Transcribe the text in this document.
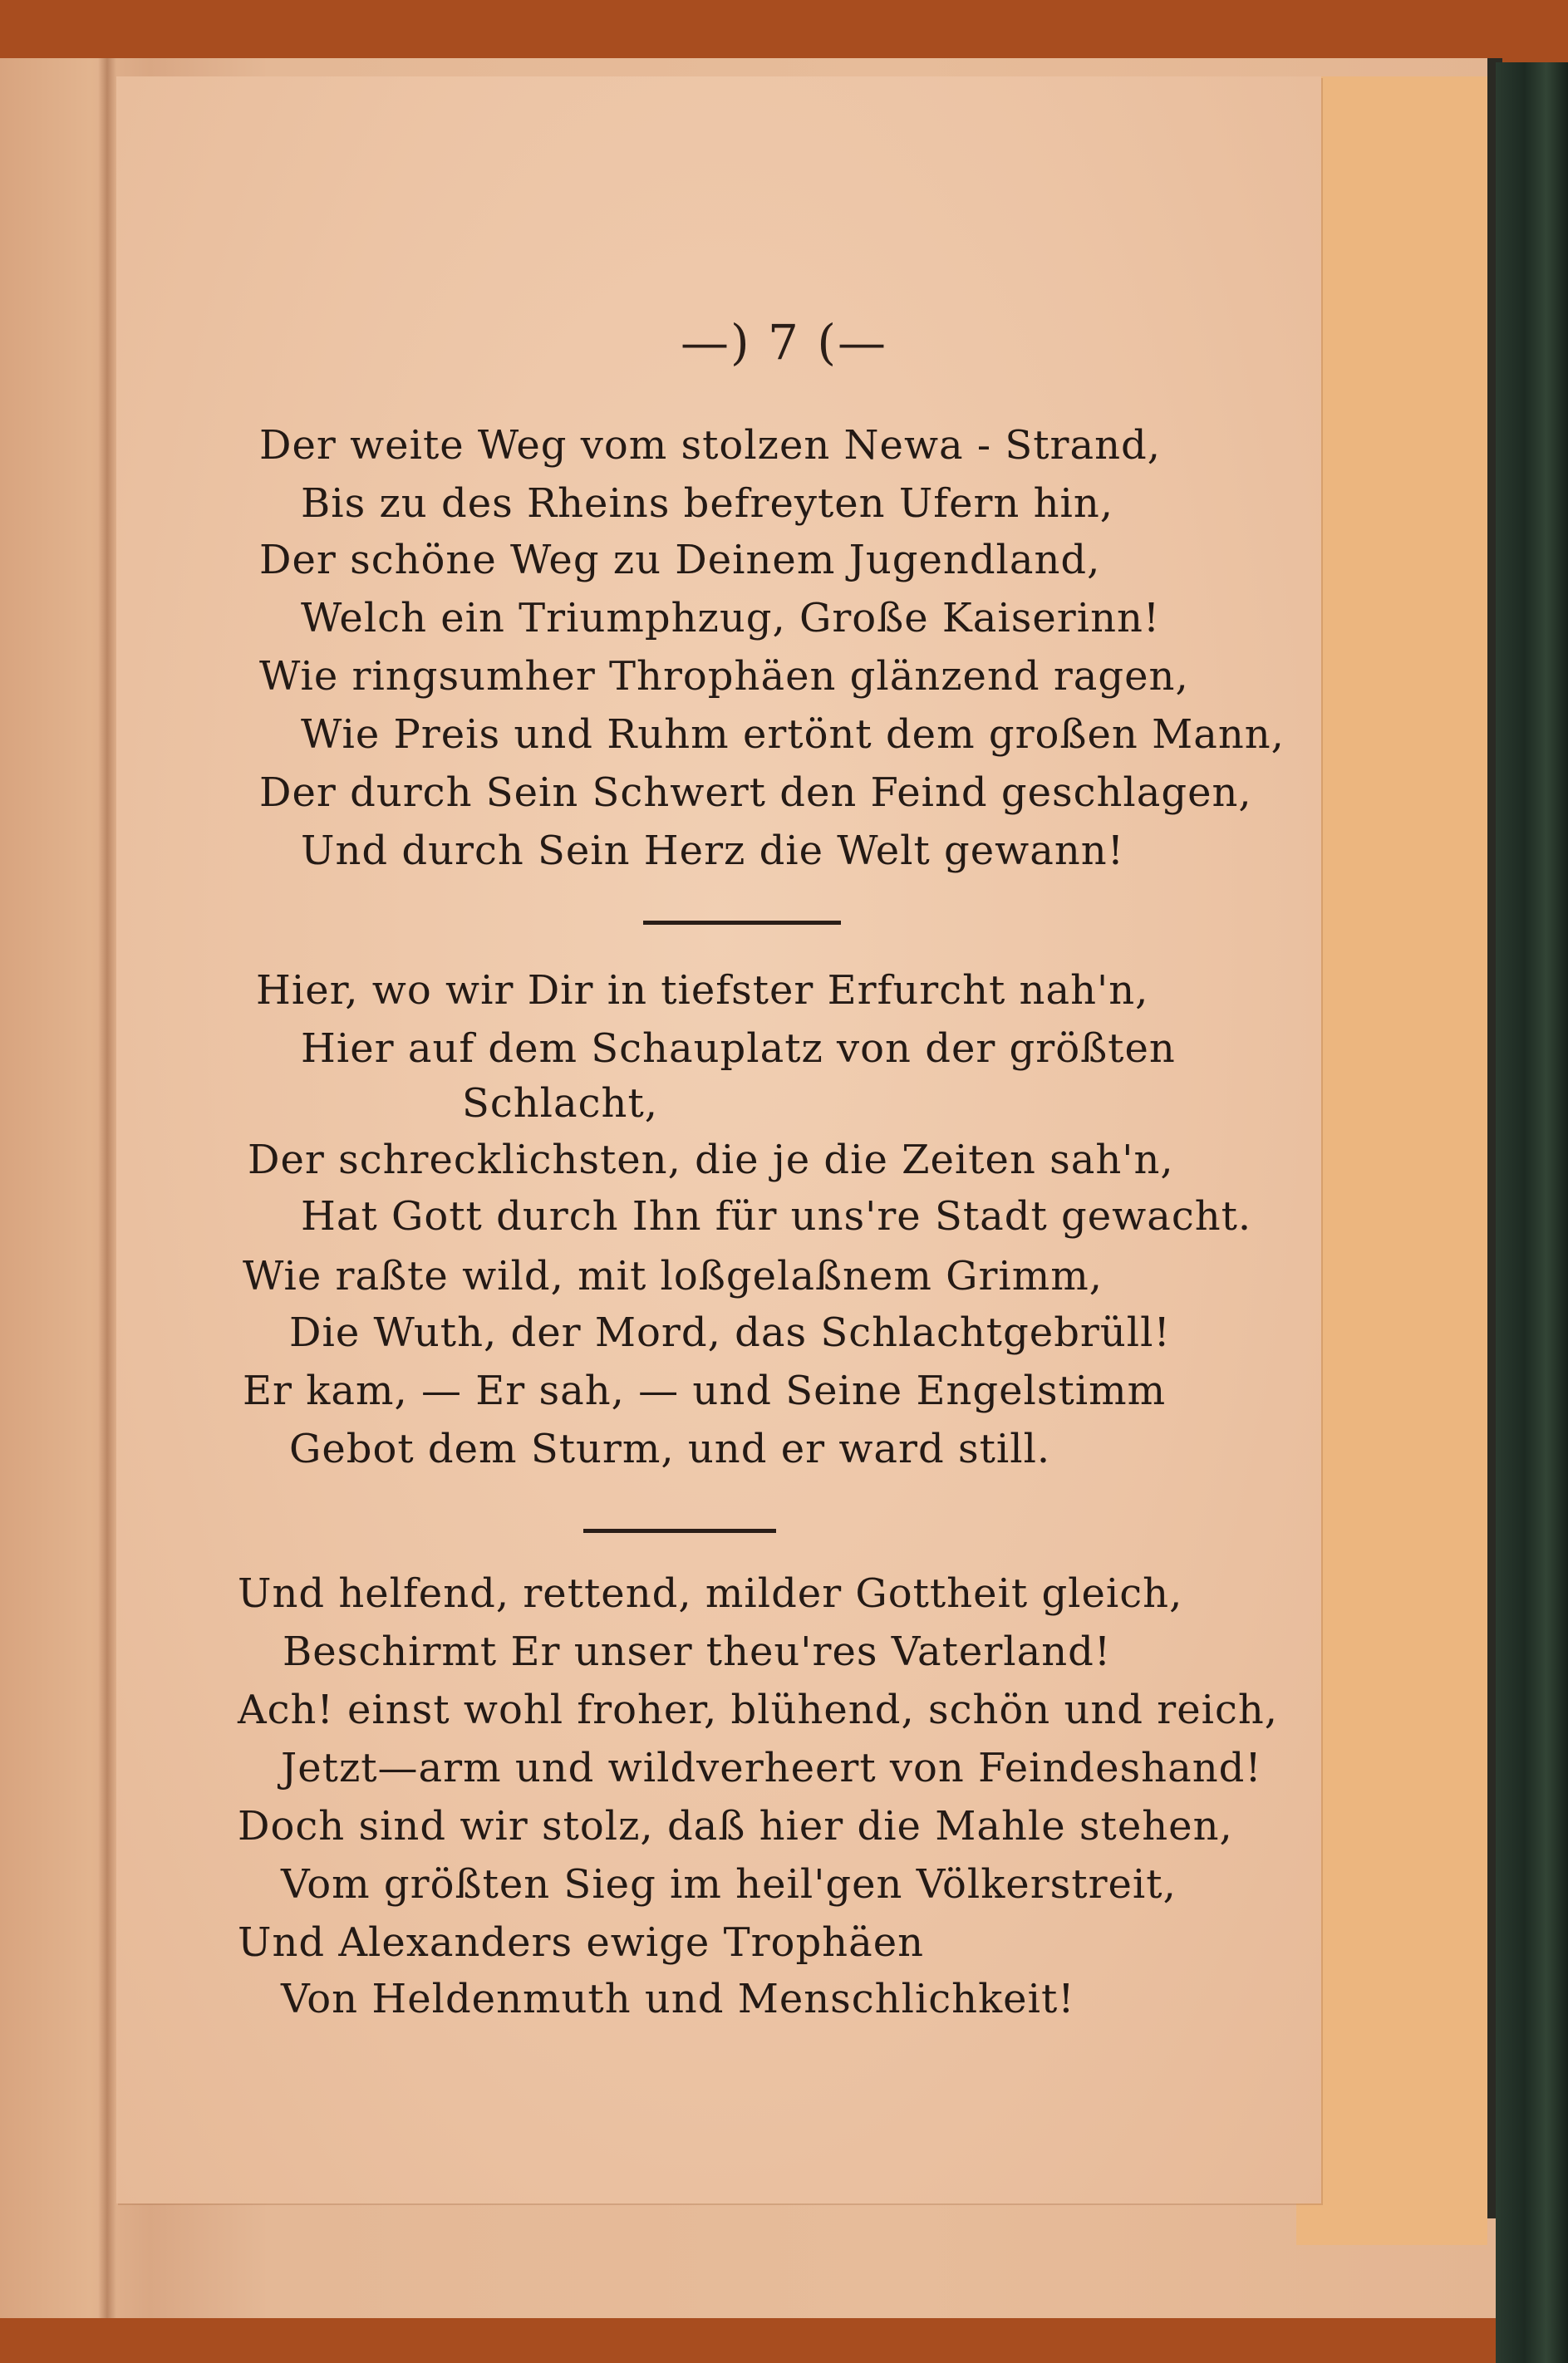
—) 7 (—
Der weite Weg vom stolzen Newa - Strand,
Bis zu des Rheins befreyten Ufern hin,
Der schöne Weg zu Deinem Jugendland,
Welch ein Triumphzug, Große Kaiserinn!
Wie ringsumher Throphäen glänzend ragen,
Wie Preis und Ruhm ertönt dem großen Mann,
Der durch Sein Schwert den Feind geschlagen,
Und durch Sein Herz die Welt gewann!
Hier, wo wir Dir in tiefster Erfurcht nah'n,
Hier auf dem Schauplatz von der größten
Schlacht,
Der schrecklichsten, die je die Zeiten sah'n,
Hat Gott durch Ihn für uns're Stadt gewacht.
Wie raßte wild, mit loßgelaßnem Grimm,
Die Wuth, der Mord, das Schlachtgebrüll!
Er kam, — Er sah, — und Seine Engelstimm
Gebot dem Sturm, und er ward still.
Und helfend, rettend, milder Gottheit gleich,
Beschirmt Er unser theu'res Vaterland!
Ach! einst wohl froher, blühend, schön und reich,
Jetzt—arm und wildverheert von Feindeshand!
Doch sind wir stolz, daß hier die Mahle stehen,
Vom größten Sieg im heil'gen Völkerstreit,
Und Alexanders ewige Trophäen
Von Heldenmuth und Menschlichkeit!
